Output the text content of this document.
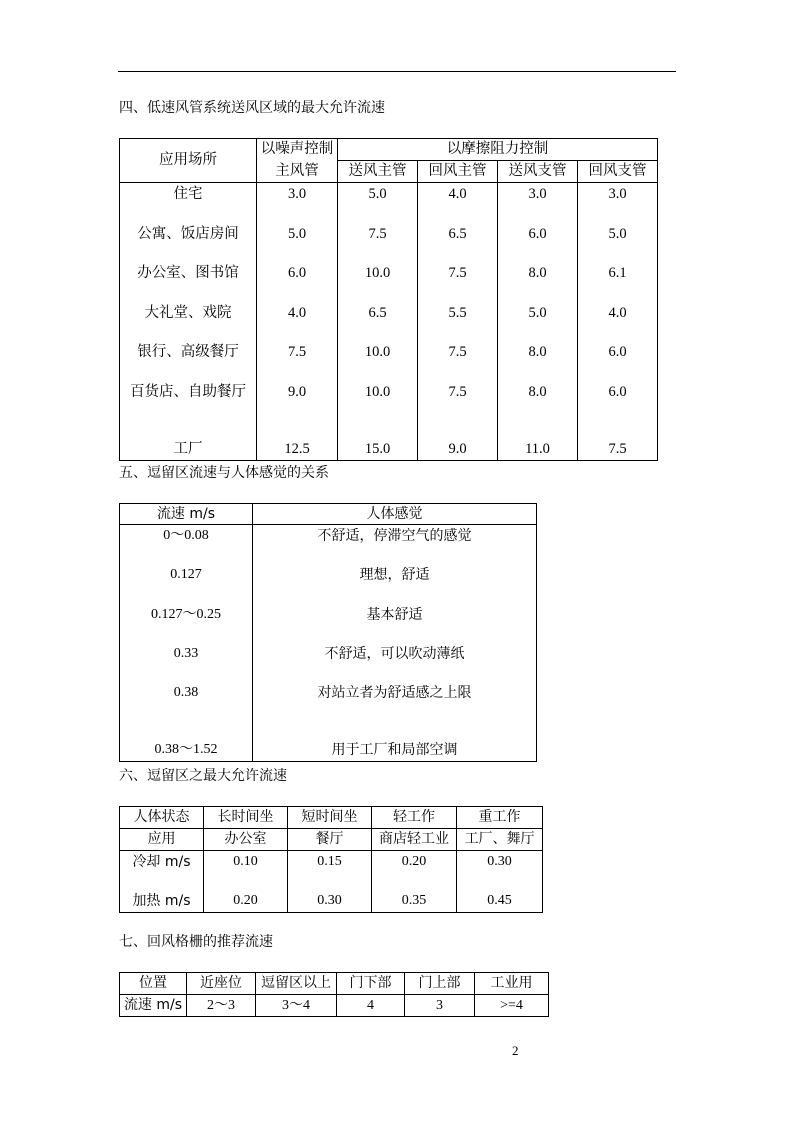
四、低速风管系统送风区域的最大允许流速
应用场所	以噪声控制	以摩擦阻力控制			
	主风管	送风主管	回风主管	送风支管	回风支管
住宅	3.0	5.0	4.0	3.0	3.0
公寓、饭店房间	5.0	7.5	6.5	6.0	5.0
办公室、图书馆	6.0	10.0	7.5	8.0	6.1
大礼堂、戏院	4.0	6.5	5.5	5.0	4.0
银行、高级餐厅	7.5	10.0	7.5	8.0	6.0
百货店、自助餐厅	9.0	10.0	7.5	8.0	6.0
工厂	12.5	15.0	9.0	11.0	7.5
五、逗留区流速与人体感觉的关系
流速 m/s	人体感觉
0～0.08	不舒适，停滞空气的感觉
0.127	理想，舒适
0.127～0.25	基本舒适
0.33	不舒适，可以吹动薄纸
0.38	对站立者为舒适感之上限
0.38～1.52	用于工厂和局部空调
六、逗留区之最大允许流速
人体状态	长时间坐	短时间坐	轻工作	重工作
应用	办公室	餐厅	商店轻工业	工厂、舞厅
冷却 m/s	0.10	0.15	0.20	0.30
加热 m/s	0.20	0.30	0.35	0.45
七、回风格栅的推荐流速
位置	近座位	逗留区以上	门下部	门上部	工业用
流速 m/s	2～3	3～4	4	3	>=4
2
